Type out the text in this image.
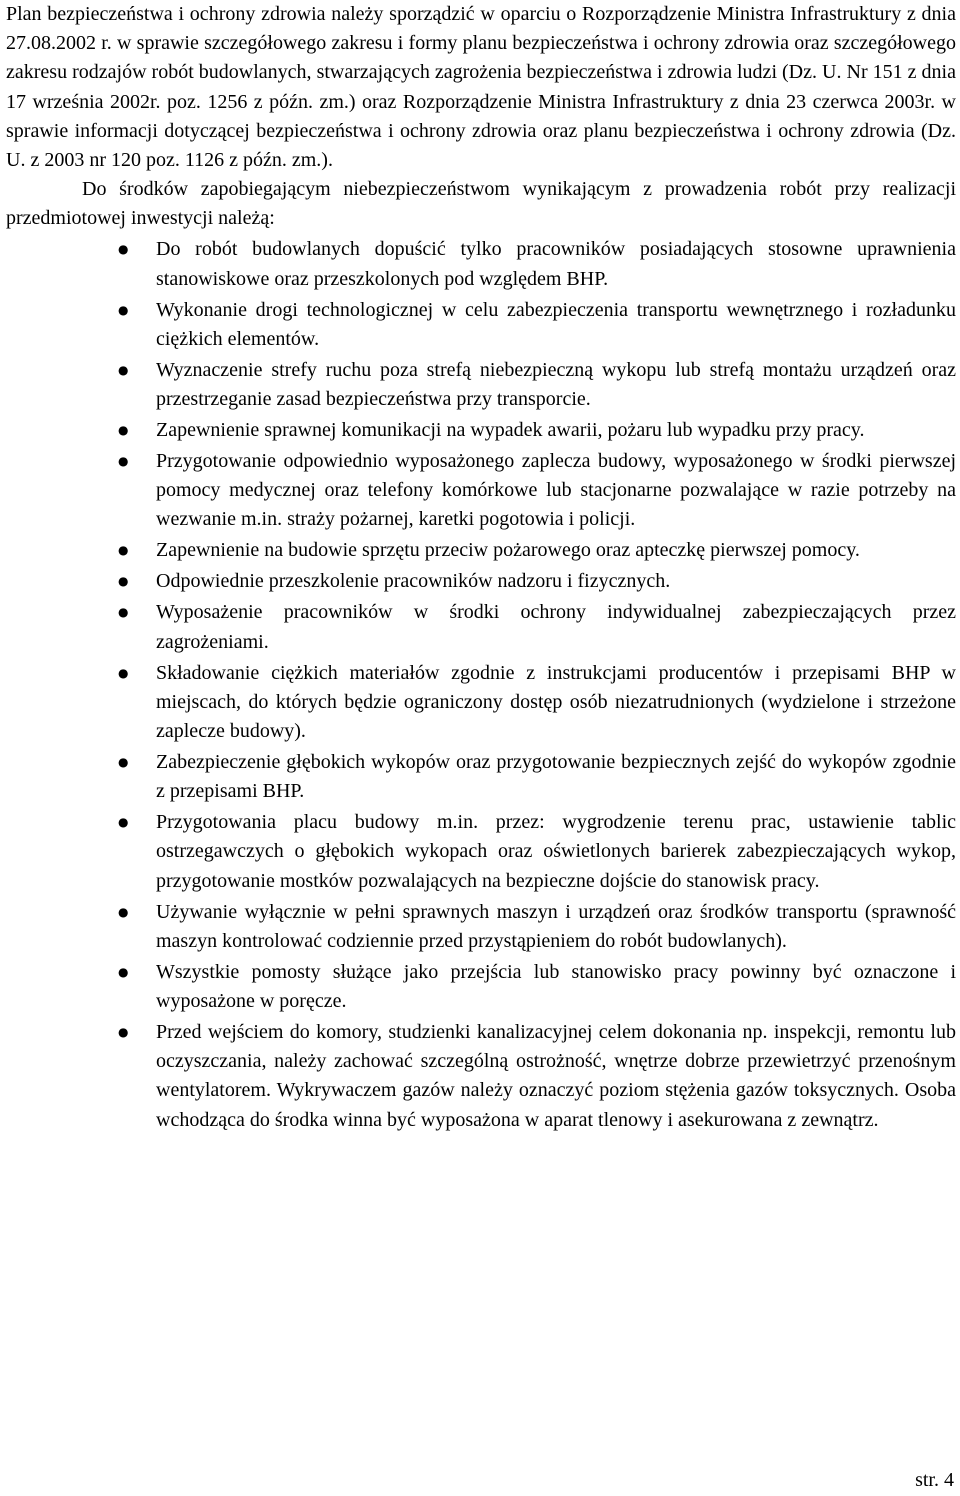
Plan bezpieczeństwa i ochrony zdrowia należy sporządzić w oparciu o Rozporządzenie Ministra Infrastruktury z dnia 27.08.2002 r. w sprawie szczegółowego zakresu i formy planu bezpieczeństwa i ochrony zdrowia oraz szczegółowego zakresu rodzajów robót budowlanych, stwarzających zagrożenia bezpieczeństwa i zdrowia ludzi (Dz. U. Nr 151 z dnia 17 września 2002r. poz. 1256 z późn. zm.) oraz Rozporządzenie Ministra Infrastruktury z dnia 23 czerwca 2003r. w sprawie informacji dotyczącej bezpieczeństwa i ochrony zdrowia oraz planu bezpieczeństwa i ochrony zdrowia (Dz. U. z 2003 nr 120 poz. 1126 z późn. zm.).

Do środków zapobiegającym niebezpieczeństwom wynikającym z prowadzenia robót przy realizacji przedmiotowej inwestycji należą:

●	Do robót budowlanych dopuścić tylko pracowników posiadających stosowne uprawnienia stanowiskowe oraz przeszkolonych pod względem BHP.
●	Wykonanie drogi technologicznej w celu zabezpieczenia transportu wewnętrznego i rozładunku ciężkich elementów.
●	Wyznaczenie strefy ruchu poza strefą niebezpieczną wykopu lub strefą montażu urządzeń oraz przestrzeganie zasad bezpieczeństwa przy transporcie.
●	Zapewnienie sprawnej komunikacji na wypadek awarii, pożaru lub wypadku przy pracy.
●	Przygotowanie odpowiednio wyposażonego zaplecza budowy, wyposażonego w środki pierwszej pomocy medycznej oraz telefony komórkowe lub stacjonarne pozwalające w razie potrzeby na wezwanie m.in. straży pożarnej, karetki pogotowia i policji.
●	Zapewnienie na budowie sprzętu przeciw pożarowego oraz apteczkę pierwszej pomocy.
●	Odpowiednie przeszkolenie pracowników nadzoru i fizycznych.
●	Wyposażenie pracowników w środki ochrony indywidualnej zabezpieczających przez zagrożeniami.
●	Składowanie ciężkich materiałów zgodnie z instrukcjami producentów i przepisami BHP w miejscach, do których będzie ograniczony dostęp osób niezatrudnionych (wydzielone i strzeżone zaplecze budowy).
●	Zabezpieczenie głębokich wykopów oraz przygotowanie bezpiecznych zejść do wykopów zgodnie z przepisami BHP.
●	Przygotowania placu budowy m.in. przez: wygrodzenie terenu prac, ustawienie tablic ostrzegawczych o głębokich wykopach oraz oświetlonych barierek zabezpieczających wykop, przygotowanie mostków pozwalających na bezpieczne dojście do stanowisk pracy.
●	Używanie wyłącznie w pełni sprawnych maszyn i urządzeń oraz środków transportu (sprawność maszyn kontrolować codziennie przed przystąpieniem do robót budowlanych).
●	Wszystkie pomosty służące jako przejścia lub stanowisko pracy powinny być oznaczone i wyposażone w poręcze.
●	Przed wejściem do komory, studzienki kanalizacyjnej celem dokonania np. inspekcji, remontu lub oczyszczania, należy zachować szczególną ostrożność, wnętrze dobrze przewietrzyć przenośnym wentylatorem. Wykrywaczem gazów należy oznaczyć poziom stężenia gazów toksycznych. Osoba wchodząca do środka winna być wyposażona w aparat tlenowy i asekurowana z zewnątrz.
str. 4
